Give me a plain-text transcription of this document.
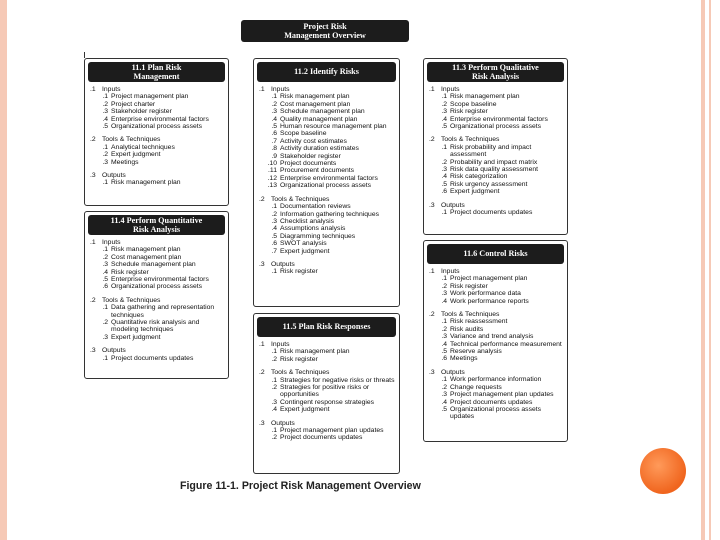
Project Risk
Management Overview
11.1 Plan Risk
Management
.1 Inputs
.1 Project management plan
.2 Project charter
.3 Stakeholder register
.4 Enterprise environmental factors
.5 Organizational process assets
.2 Tools & Techniques
.1 Analytical techniques
.2 Expert judgment
.3 Meetings
.3 Outputs
.1 Risk management plan
11.4 Perform Quantitative
Risk Analysis
.1 Inputs
.1 Risk management plan
.2 Cost management plan
.3 Schedule management plan
.4 Risk register
.5 Enterprise environmental factors
.6 Organizational process assets
.2 Tools & Techniques
.1 Data gathering and representation techniques
.2 Quantitative risk analysis and modeling techniques
.3 Expert judgment
.3 Outputs
.1 Project documents updates
11.2 Identify Risks
.1 Inputs
.1 Risk management plan
.2 Cost management plan
.3 Schedule management plan
.4 Quality management plan
.5 Human resource management plan
.6 Scope baseline
.7 Activity cost estimates
.8 Activity duration estimates
.9 Stakeholder register
.10 Project documents
.11 Procurement documents
.12 Enterprise environmental factors
.13 Organizational process assets
.2 Tools & Techniques
.1 Documentation reviews
.2 Information gathering techniques
.3 Checklist analysis
.4 Assumptions analysis
.5 Diagramming techniques
.6 SWOT analysis
.7 Expert judgment
.3 Outputs
.1 Risk register
11.5 Plan Risk Responses
.1 Inputs
.1 Risk management plan
.2 Risk register
.2 Tools & Techniques
.1 Strategies for negative risks or threats
.2 Strategies for positive risks or opportunities
.3 Contingent response strategies
.4 Expert judgment
.3 Outputs
.1 Project management plan updates
.2 Project documents updates
11.3 Perform Qualitative
Risk Analysis
.1 Inputs
.1 Risk management plan
.2 Scope baseline
.3 Risk register
.4 Enterprise environmental factors
.5 Organizational process assets
.2 Tools & Techniques
.1 Risk probability and impact assessment
.2 Probability and impact matrix
.3 Risk data quality assessment
.4 Risk categorization
.5 Risk urgency assessment
.6 Expert judgment
.3 Outputs
.1 Project documents updates
11.6 Control Risks
.1 Inputs
.1 Project management plan
.2 Risk register
.3 Work performance data
.4 Work performance reports
.2 Tools & Techniques
.1 Risk reassessment
.2 Risk audits
.3 Variance and trend analysis
.4 Technical performance measurement
.5 Reserve analysis
.6 Meetings
.3 Outputs
.1 Work performance information
.2 Change requests
.3 Project management plan updates
.4 Project documents updates
.5 Organizational process assets updates
Figure 11-1. Project Risk Management Overview
